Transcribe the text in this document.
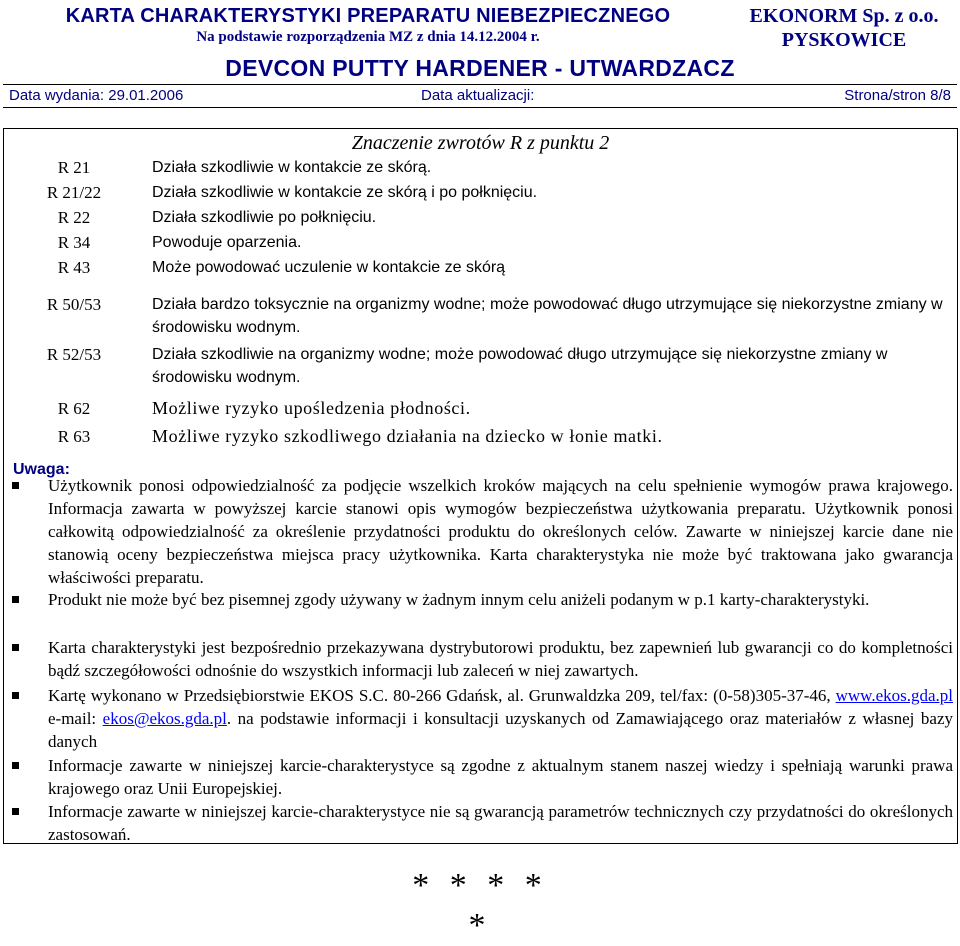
KARTA CHARAKTERYSTYKI PREPARATU NIEBEZPIECZNEGO
Na podstawie rozporządzenia MZ z dnia 14.12.2004 r.
EKONORM Sp. z o.o.
PYSKOWICE
DEVCON PUTTY HARDENER - UTWARDZACZ
Data wydania: 29.01.2006	Data aktualizacji:	Strona/stron 8/8
Znaczenie zwrotów R z punktu 2
R 21	Działa szkodliwie w kontakcie ze skórą.
R 21/22	Działa szkodliwie w kontakcie ze skórą i po połknięciu.
R 22	Działa szkodliwie po połknięciu.
R 34	Powoduje oparzenia.
R 43	Może powodować uczulenie w kontakcie ze skórą
R 50/53	Działa bardzo toksycznie na organizmy wodne; może powodować długo utrzymujące się niekorzystne zmiany w środowisku wodnym.
R 52/53	Działa szkodliwie na organizmy wodne; może powodować długo utrzymujące się niekorzystne zmiany w środowisku wodnym.
R 62	Możliwe ryzyko upośledzenia płodności.
R 63	Możliwe ryzyko szkodliwego działania na dziecko w łonie matki.
Uwaga:
Użytkownik ponosi odpowiedzialność za podjęcie wszelkich kroków mających na celu spełnienie wymogów prawa krajowego. Informacja zawarta w powyższej karcie stanowi opis wymogów bezpieczeństwa użytkowania preparatu. Użytkownik ponosi całkowitą odpowiedzialność za określenie przydatności produktu do określonych celów. Zawarte w niniejszej karcie dane nie stanowią oceny bezpieczeństwa miejsca pracy użytkownika. Karta charakterystyka nie może być traktowana jako gwarancja właściwości preparatu.
Produkt nie może być bez pisemnej zgody używany w żadnym innym celu aniżeli podanym w p.1 karty-charakterystyki.
Karta charakterystyki jest bezpośrednio przekazywana dystrybutorowi produktu, bez zapewnień lub gwarancji co do kompletności bądź szczegółowości odnośnie do wszystkich informacji lub zaleceń w niej zawartych.
Kartę wykonano w Przedsiębiorstwie EKOS S.C. 80-266 Gdańsk, al. Grunwaldzka 209, tel/fax: (0-58)305-37-46, www.ekos.gda.pl e-mail: ekos@ekos.gda.pl. na podstawie informacji i konsultacji uzyskanych od Zamawiającego oraz materiałów z własnej bazy danych
Informacje zawarte w niniejszej karcie-charakterystyce są zgodne z aktualnym stanem naszej wiedzy i spełniają warunki prawa krajowego oraz Unii Europejskiej.
Informacje zawarte w niniejszej karcie-charakterystyce nie są gwarancją parametrów technicznych czy przydatności do określonych zastosowań.
* * * * *
